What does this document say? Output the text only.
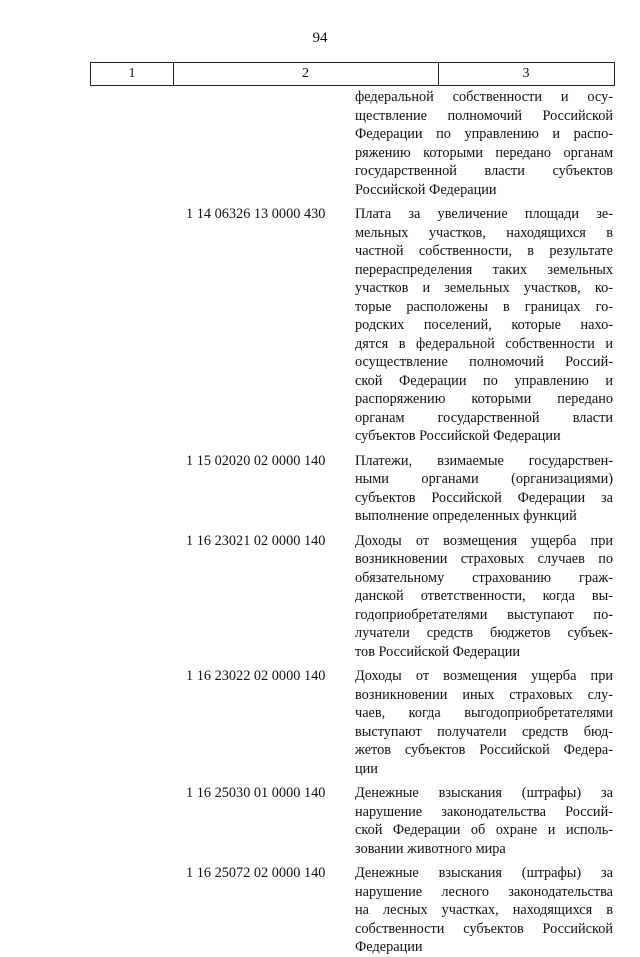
94
1	2	3
федеральной собственности и осу-
ществление полномочий Российской
Федерации по управлению и распо-
ряжению которыми передано органам
государственной власти субъектов
Российской Федерации
1 14 06326 13 0000 430	Плата за увеличение площади зе-
мельных участков, находящихся в
частной собственности, в результате
перераспределения таких земельных
участков и земельных участков, ко-
торые расположены в границах го-
родских поселений, которые нахо-
дятся в федеральной собственности и
осуществление полномочий Россий-
ской Федерации по управлению и
распоряжению которыми передано
органам государственной власти
субъектов Российской Федерации
1 15 02020 02 0000 140	Платежи, взимаемые государствен-
ными органами (организациями)
субъектов Российской Федерации за
выполнение определенных функций
1 16 23021 02 0000 140	Доходы от возмещения ущерба при
возникновении страховых случаев по
обязательному страхованию граж-
данской ответственности, когда вы-
годоприобретателями выступают по-
лучатели средств бюджетов субъек-
тов Российской Федерации
1 16 23022 02 0000 140	Доходы от возмещения ущерба при
возникновении иных страховых слу-
чаев, когда выгодоприобретателями
выступают получатели средств бюд-
жетов субъектов Российской Федера-
ции
1 16 25030 01 0000 140	Денежные взыскания (штрафы) за
нарушение законодательства Россий-
ской Федерации об охране и исполь-
зовании животного мира
1 16 25072 02 0000 140	Денежные взыскания (штрафы) за
нарушение лесного законодательства
на лесных участках, находящихся в
собственности субъектов Российской
Федерации
